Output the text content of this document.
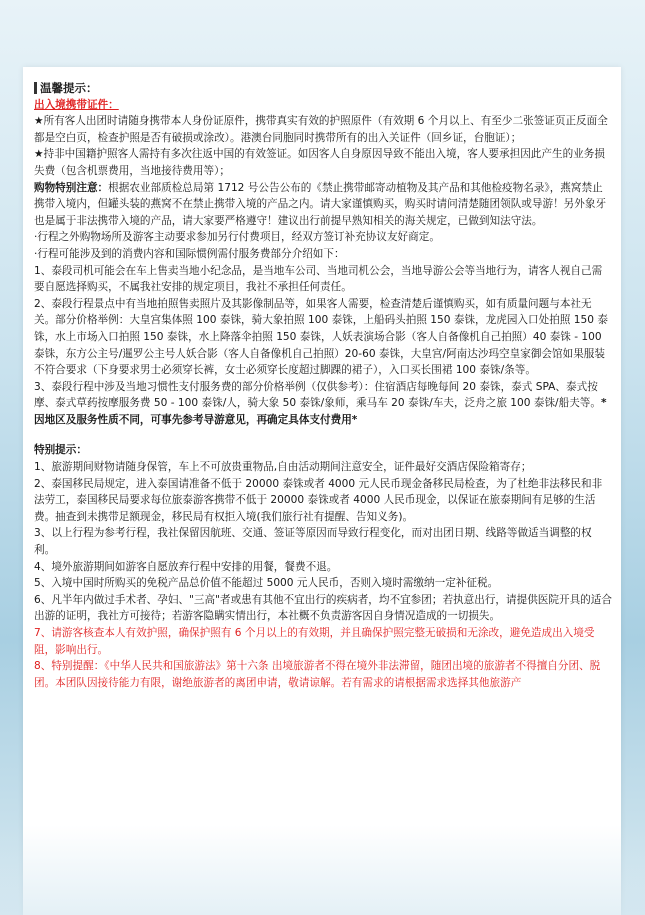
温馨提示：

出入境携带证件：

★所有客人出团时请随身携带本人身份证原件，携带真实有效的护照原件（有效期 6 个月以上、有至少二张签证页正反面全都是空白页，检查护照是否有破损或涂改）。港澳台同胞同时携带所有的出入关证件（回乡证，台胞证）；

★持非中国籍护照客人需持有多次往返中国的有效签证。如因客人自身原因导致不能出入境，客人要承担因此产生的业务损失费（包含机票费用，当地接待费用等）；

购物特别注意：根据农业部质检总局第 1712 号公告公布的《禁止携带邮寄动植物及其产品和其他检疫物名录》，燕窝禁止携带入境内，但罐头装的燕窝不在禁止携带入境的产品之内。请大家谨慎购买，购买时请问清楚随团领队或导游！另外象牙也是属于非法携带入境的产品，请大家要严格遵守！建议出行前提早熟知相关的海关规定，已做到知法守法。

·行程之外购物场所及游客主动要求参加另行付费项目，经双方签订补充协议友好商定。

·行程可能涉及到的消费内容和国际惯例需付服务费部分介绍如下：

1、泰段司机可能会在车上售卖当地小纪念品，是当地车公司、当地司机公会，当地导游公会等当地行为，请客人视自己需要自愿选择购买，不属我社安排的规定项目，我社不承担任何责任。

2、泰段行程景点中有当地拍照售卖照片及其影像制品等，如果客人需要，检查清楚后谨慎购买，如有质量问题与本社无关。部分价格举例：大皇宫集体照 100 泰铢，骑大象拍照 100 泰铢，上船码头拍照 150 泰铢，龙虎园入口处拍照 150 泰铢，水上市场入口拍照 150 泰铢，水上降落伞拍照 150 泰铢，人妖表演场合影（客人自备像机自己拍照）40 泰铢 - 100 泰铢，东方公主号/暹罗公主号人妖合影（客人自备像机自己拍照）20-60 泰铢，大皇宫/阿南达沙玛空皇家御会馆如果服装不符合要求（下身要求男士必须穿长裤，女士必须穿长度超过脚踝的裙子），入口买长围裙 100 泰铢/条等。

3、泰段行程中涉及当地习惯性支付服务费的部分价格举例（仅供参考）：住宿酒店每晚每间 20 泰铢，泰式 SPA、泰式按摩、泰式草药按摩服务费 50 - 100 泰铢/人，骑大象 50 泰铢/象师，乘马车 20 泰铢/车夫，泛舟之旅 100 泰铢/船夫等。*因地区及服务性质不同，可事先参考导游意见，再确定具体支付费用*

特别提示：

1、旅游期间财物请随身保管，车上不可放贵重物品,自由活动期间注意安全，证件最好交酒店保险箱寄存；

2、泰国移民局规定，进入泰国请准备不低于 20000 泰铢或者 4000 元人民币现金备移民局检查，为了杜绝非法移民和非法劳工，泰国移民局要求每位旅泰游客携带不低于 20000 泰铢或者 4000 人民币现金，以保证在旅泰期间有足够的生活费。抽查到未携带足额现金，移民局有权拒入境(我们旅行社有提醒、告知义务)。

3、以上行程为参考行程，我社保留因航班、交通、签证等原因而导致行程变化，而对出团日期、线路等做适当调整的权利。

4、境外旅游期间如游客自愿放弃行程中安排的用餐，餐费不退。

5、入境中国时所购买的免税产品总价值不能超过 5000 元人民币，否则入境时需缴纳一定补征税。

6、凡半年内做过手术者、孕妇、"三高"者或患有其他不宜出行的疾病者，均不宜参团；若执意出行，请提供医院开具的适合出游的证明，我社方可接待；若游客隐瞒实情出行，本社概不负责游客因自身情况造成的一切损失。

7、请游客核查本人有效护照，确保护照有 6 个月以上的有效期，并且确保护照完整无破损和无涂改，避免造成出入境受阻，影响出行。

8、特别提醒：《中华人民共和国旅游法》第十六条 出境旅游者不得在境外非法滞留，随团出境的旅游者不得擅自分团、脱团。本团队因接待能力有限，谢绝旅游者的离团申请，敬请谅解。若有需求的请根据需求选择其他旅游产
